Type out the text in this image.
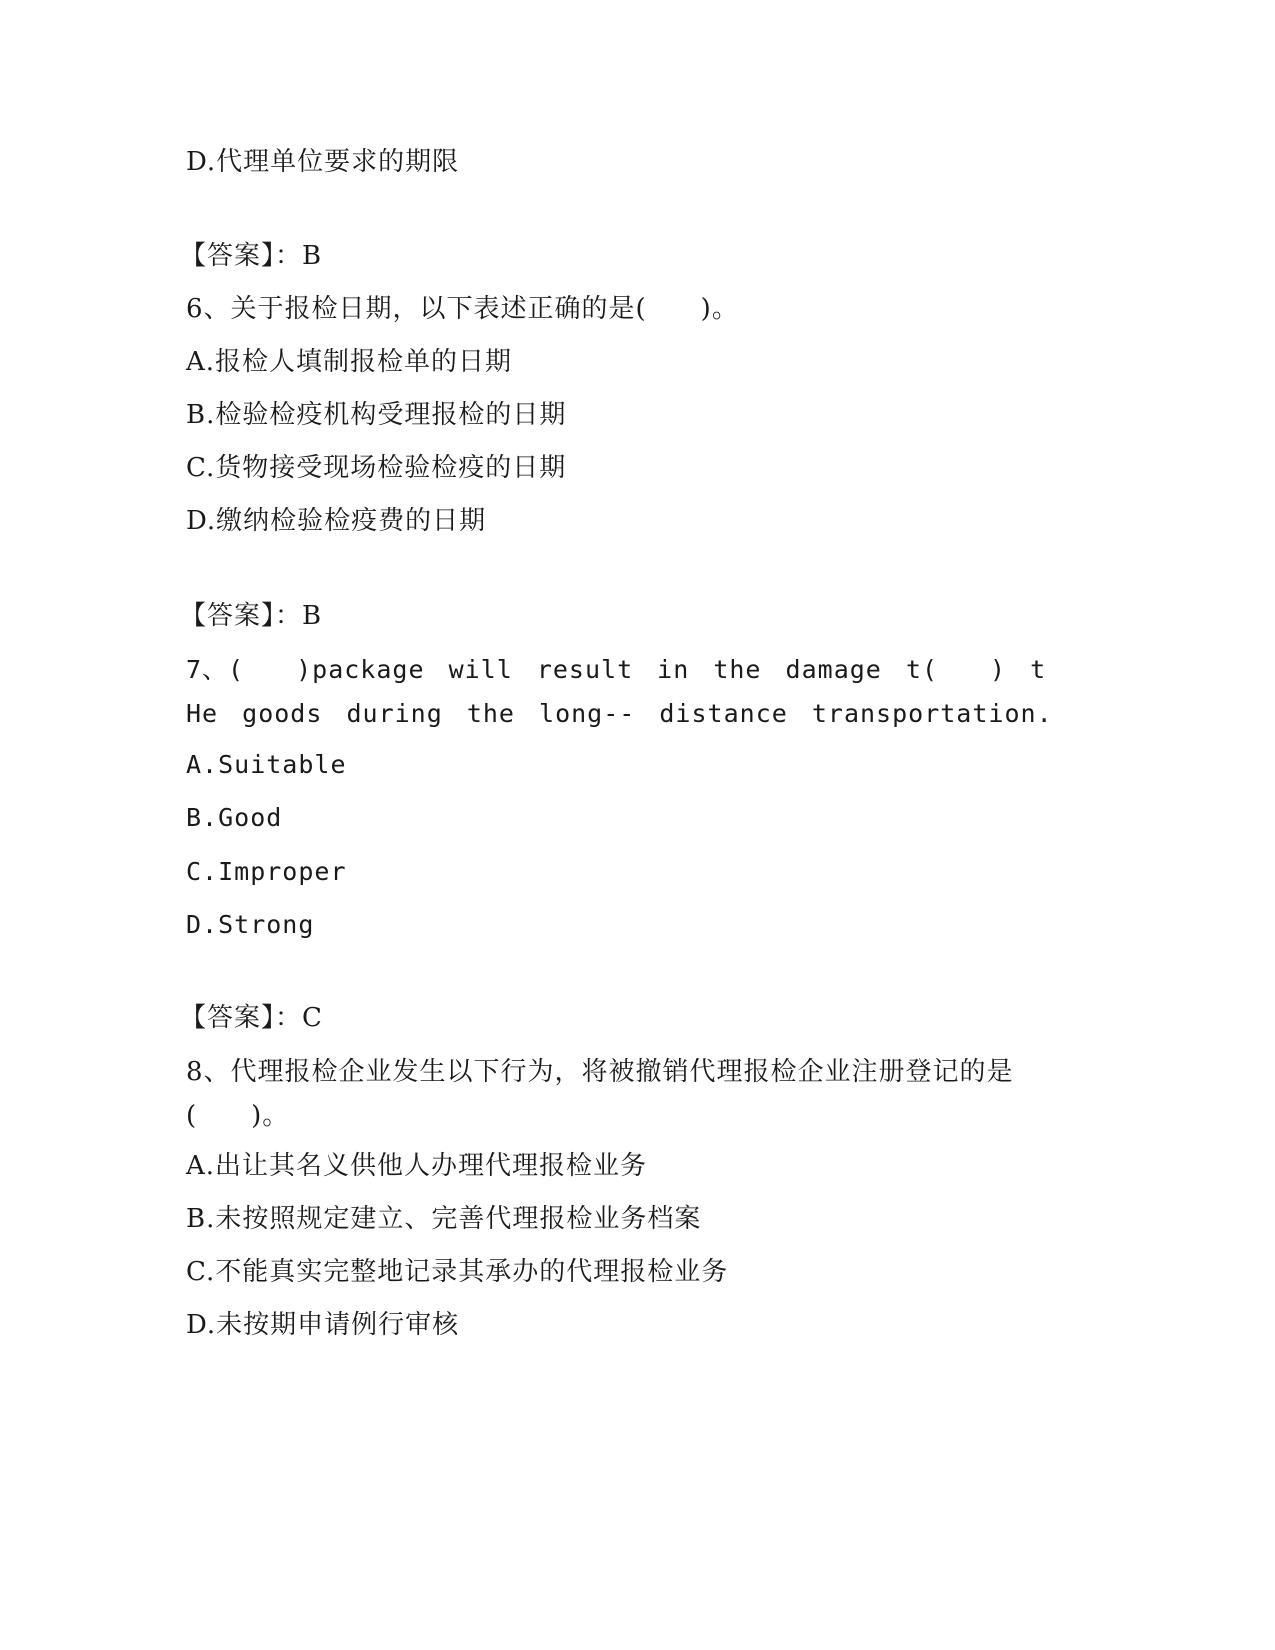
D.代理单位要求的期限
【答案】：B
6、关于报检日期，以下表述正确的是(　　)。
A.报检人填制报检单的日期
B.检验检疫机构受理报检的日期
C.货物接受现场检验检疫的日期
D.缴纳检验检疫费的日期
【答案】：B
7、(　　)package will result in the damage t(　　) t He goods during the long-- distance transportation.
A.Suitable
B.Good
C.Improper
D.Strong
【答案】：C
8、代理报检企业发生以下行为，将被撤销代理报检企业注册登记的是(　　)。
A.出让其名义供他人办理代理报检业务
B.未按照规定建立、完善代理报检业务档案
C.不能真实完整地记录其承办的代理报检业务
D.未按期申请例行审核
